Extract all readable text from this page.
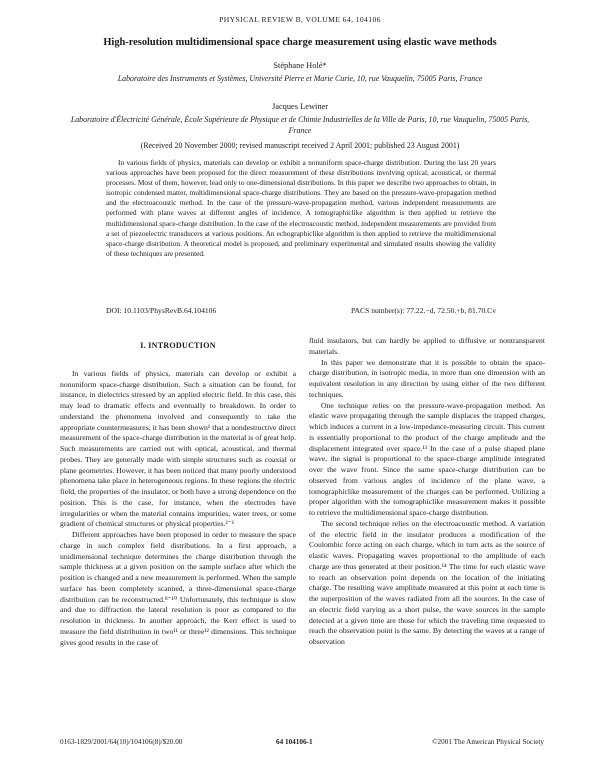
PHYSICAL REVIEW B, VOLUME 64, 104106
High-resolution multidimensional space charge measurement using elastic wave methods
Stéphane Holé*
Laboratoire des Instruments et Systèmes, Université Pierre et Marie Curie, 10, rue Vauquelin, 75005 Paris, France
Jacques Lewiner
Laboratoire d'Électricité Générale, École Supérieure de Physique et de Chimie Industrielles de la Ville de Paris, 10, rue Vauquelin, 75005 Paris, France
(Received 20 November 2000; revised manuscript received 2 April 2001; published 23 August 2001)

In various fields of physics, materials can develop or exhibit a nonuniform space-charge distribution. During the last 20 years various approaches have been proposed for the direct measurement of these distributions involving optical, acoustical, or thermal processes. Most of them, however, lead only to one-dimensional distributions. In this paper we describe two approaches to obtain, in isotropic condensed matter, multidimensional space-charge distributions. They are based on the pressure-wave-propagation method and the electroacoustic method. In the case of the pressure-wave-propagation method, various independent measurements are performed with plane waves at different angles of incidence. A tomographiclike algorithm is then applied to retrieve the multidimensional space-charge distribution. In the case of the electroacoustic method, independent measurements are provided from a set of piezoelectric transducers at various positions. An echographiclike algorithm is then applied to retrieve the multidimensional space-charge distribution. A theoretical model is proposed, and preliminary experimental and simulated results showing the validity of these techniques are presented.

DOI: 10.1103/PhysRevB.64.104106	PACS number(s): 77.22.−d, 72.50.+b, 81.70.Cv
I. INTRODUCTION

In various fields of physics, materials can develop or exhibit a nonuniform space-charge distribution. Such a situation can be found, for instance, in dielectrics stressed by an applied electric field. In this case, this may lead to dramatic effects and eventually to breakdown. In order to understand the phenomena involved and consequently to take the appropriate countermeasures, it has been shown¹ that a nondestructive direct measurement of the space-charge distribution in the material is of great help. Such measurements are carried out with optical, acoustical, and thermal probes. They are generally made with simple structures such as coaxial or plane geometries. However, it has been noticed that many poorly understood phenomena take place in heterogeneous regions. In these regions the electric field, the properties of the insulator, or both have a strong dependence on the position. This is the case, for instance, when the electrodes have irregularities or when the material contains impurities, water trees, or some gradient of chemical structures or physical properties.²⁻⁶

Different approaches have been proposed in order to measure the space charge in such complex field distributions. In a first approach, a unidimensional technique determines the charge distribution through the sample thickness at a given position on the sample surface after which the position is changed and a new measurement is performed. When the sample surface has been completely scanned, a three-dimensional space-charge distribution can be reconstructed.⁸⁻¹⁰ Unfortunately, this technique is slow and due to diffraction the lateral resolution is poor as compared to the resolution in thickness. In another approach, the Kerr effect is used to measure the field distribution in two¹¹ or three¹² dimensions. This technique gives good results in the case of

fluid insulators, but can hardly be applied to diffusive or nontransparent materials.

In this paper we demonstrate that it is possible to obtain the space-charge distribution, in isotropic media, in more than one dimension with an equivalent resolution in any direction by using either of the two different techniques.

One technique relies on the pressure-wave-propagation method. An elastic wave propagating through the sample displaces the trapped charges, which induces a current in a low-impedance-measuring circuit. This current is essentially proportional to the product of the charge amplitude and the displacement integrated over space.¹³ In the case of a pulse shaped plane wave, the signal is proportional to the space-charge amplitude integrated over the wave front. Since the same space-charge distribution can be observed from various angles of incidence of the plane wave, a tomographiclike measurement of the charges can be performed. Utilizing a proper algorithm with the tomographiclike measurement makes it possible to retrieve the multidimensional space-charge distribution.

The second technique relies on the electroacoustic method. A variation of the electric field in the insulator produces a modification of the Coulombic force acting on each charge, which in turn acts as the source of elastic waves. Propagating waves proportional to the amplitude of each charge are thus generated at their position.¹⁴ The time for each elastic wave to reach an observation point depends on the location of the initiating charge. The resulting wave amplitude measured at this point at each time is the superposition of the waves radiated from all the sources. In the case of an electric field varying as a short pulse, the wave sources in the sample detected at a given time are those for which the traveling time requested to reach the observation point is the same. By detecting the waves at a range of observation

0163-1829/2001/64(10)/104106(8)/$20.00	64 104106-1	©2001 The American Physical Society
